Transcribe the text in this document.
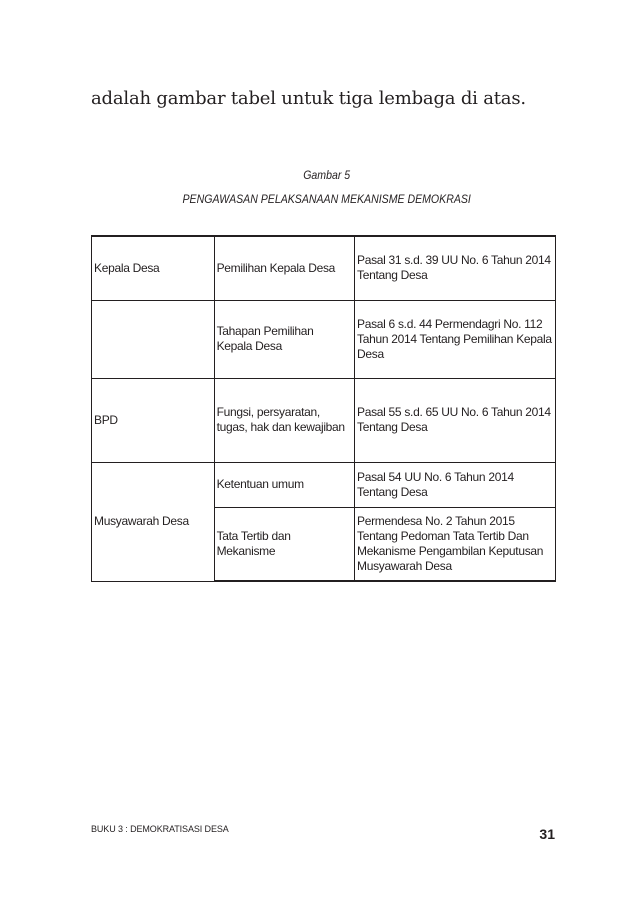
adalah gambar tabel untuk tiga lembaga di atas.
Gambar 5
PENGAWASAN PELAKSANAAN MEKANISME DEMOKRASI
Kepala Desa	Pemilihan Kepala Desa	Pasal 31 s.d. 39 UU No. 6 Tahun 2014 Tentang Desa
	Tahapan Pemilihan Kepala Desa	Pasal 6 s.d. 44 Permendagri No. 112 Tahun 2014 Tentang Pemilihan Kepala Desa
BPD	Fungsi, persyaratan, tugas, hak dan kewajiban	Pasal 55 s.d. 65 UU No. 6 Tahun 2014 Tentang Desa
Musyawarah Desa	Ketentuan umum	Pasal 54 UU No. 6 Tahun 2014 Tentang Desa
	Tata Tertib dan Mekanisme	Permendesa No. 2 Tahun 2015 Tentang Pedoman Tata Tertib Dan Mekanisme Pengambilan Keputusan Musyawarah Desa
BUKU 3 : DEMOKRATISASI DESA	31
